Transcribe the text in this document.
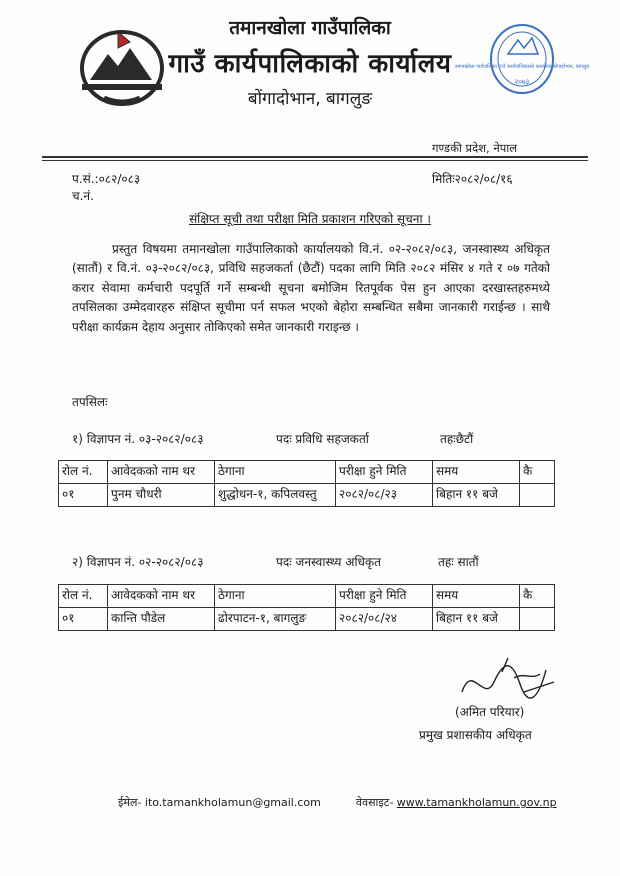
तमानखोला गाउँपालिका
गाउँ कार्यपालिकाको कार्यालय
बोंगादोभान, बागलुङ
तमानखोला गाउँपालिका गाउँ कार्यपालिकाको कार्यालय बोंगादोभान, बागलुङ
२०७३
गण्डकी प्रदेश, नेपाल
प.सं.:०८२/०८३
च.नं.
मितिः२०८२/०८/१६
संक्षिप्त सूची तथा परीक्षा मिति प्रकाशन गरिएको सूचना ।
प्रस्तुत विषयमा तमानखोला गाउँपालिकाको कार्यालयको वि.नं. ०२-२०८२/०८३, जनस्वास्थ्य अधिकृत (सातौं) र वि.नं. ०३-२०८२/०८३, प्रविधि सहजकर्ता (छैटौं) पदका लागि मिति २०८२ मंसिर ४ गते र ०७ गतेको करार सेवामा कर्मचारी पदपूर्ति गर्ने सम्बन्धी सूचना बमोजिम रितपूर्वक पेस हुन आएका दरखास्तहरुमध्ये तपसिलका उम्मेदवारहरु संक्षिप्त सूचीमा पर्न सफल भएको बेहोरा सम्बन्धित सबैमा जानकारी गराईन्छ । साथै परीक्षा कार्यक्रम देहाय अनुसार तोकिएको समेत जानकारी गराइन्छ ।
तपसिलः
१) विज्ञापन नं. ०३-२०८२/०८३	पदः प्रविधि सहजकर्ता	तहःछैटौं
रोल नं.	आवेदकको नाम थर	ठेगाना	परीक्षा हुने मिति	समय	कै
०१	पुनम चौधरी	शुद्धोधन-१, कपिलवस्तु	२०८२/०८/२३	बिहान ११ बजे	
२) विज्ञापन नं. ०२-२०८२/०८३	पदः जनस्वास्थ्य अधिकृत	तहः सातौं
रोल नं.	आवेदकको नाम थर	ठेगाना	परीक्षा हुने मिति	समय	कै
०१	कान्ति पौडेल	ढोरपाटन-१, बागलुङ	२०८२/०८/२४	बिहान ११ बजे	
(अमित परियार)
प्रमुख प्रशासकीय अधिकृत
ईमेल- ito.tamankholamun@gmail.com	वेवसाइट- www.tamankholamun.gov.np
